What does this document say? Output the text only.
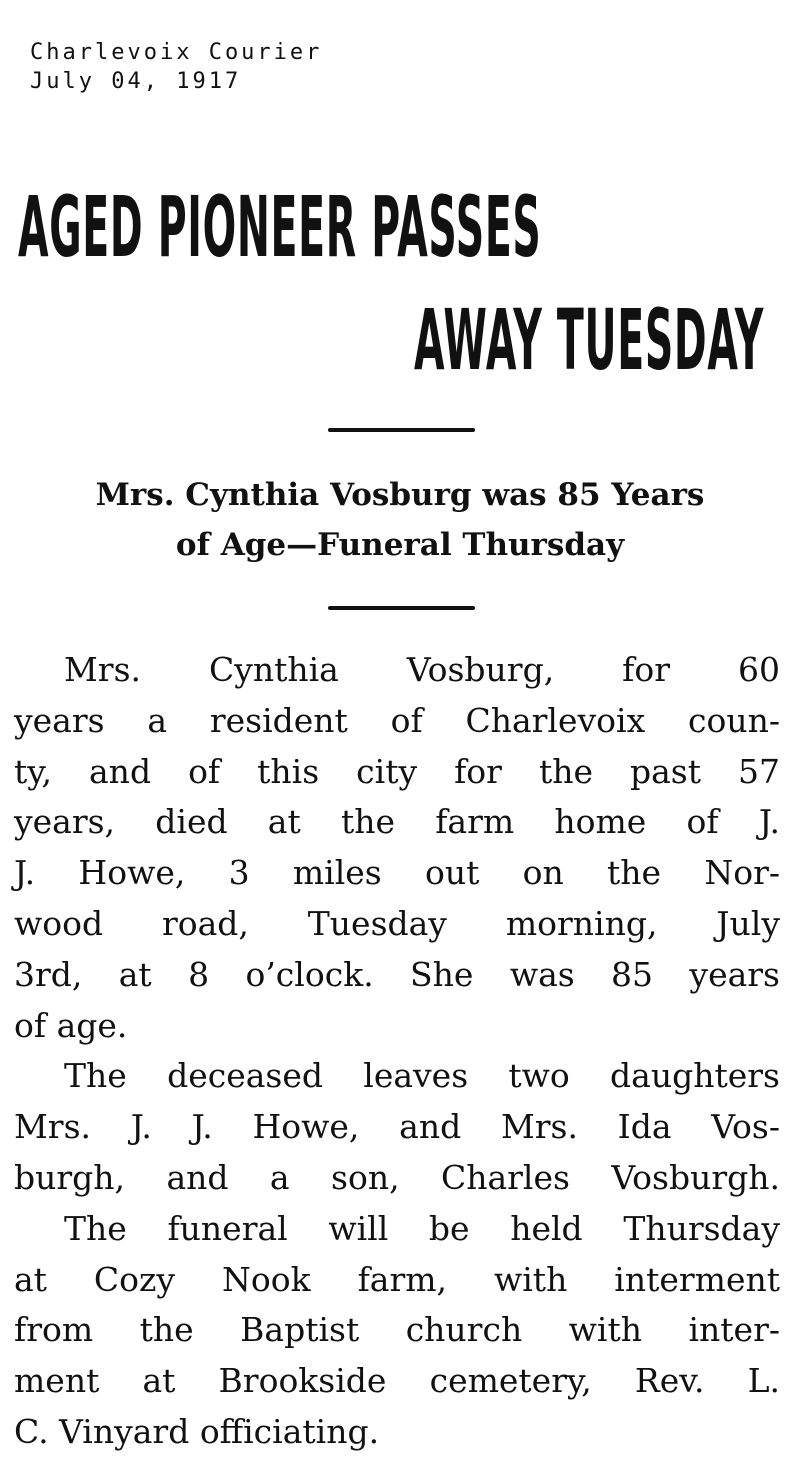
Charlevoix Courier
July 04, 1917
AGED PIONEER PASSES
AWAY TUESDAY
Mrs. Cynthia Vosburg was 85 Years
of Age—Funeral Thursday
Mrs. Cynthia Vosburg, for 60
years a resident of Charlevoix coun-
ty, and of this city for the past 57
years, died at the farm home of J.
J. Howe, 3 miles out on the Nor-
wood road, Tuesday morning, July
3rd, at 8 o’clock. She was 85 years
of age.
The deceased leaves two daughters
Mrs. J. J. Howe, and Mrs. Ida Vos-
burgh, and a son, Charles Vosburgh.
The funeral will be held Thursday
at Cozy Nook farm, with interment
from the Baptist church with inter-
ment at Brookside cemetery, Rev. L.
C. Vinyard officiating.
